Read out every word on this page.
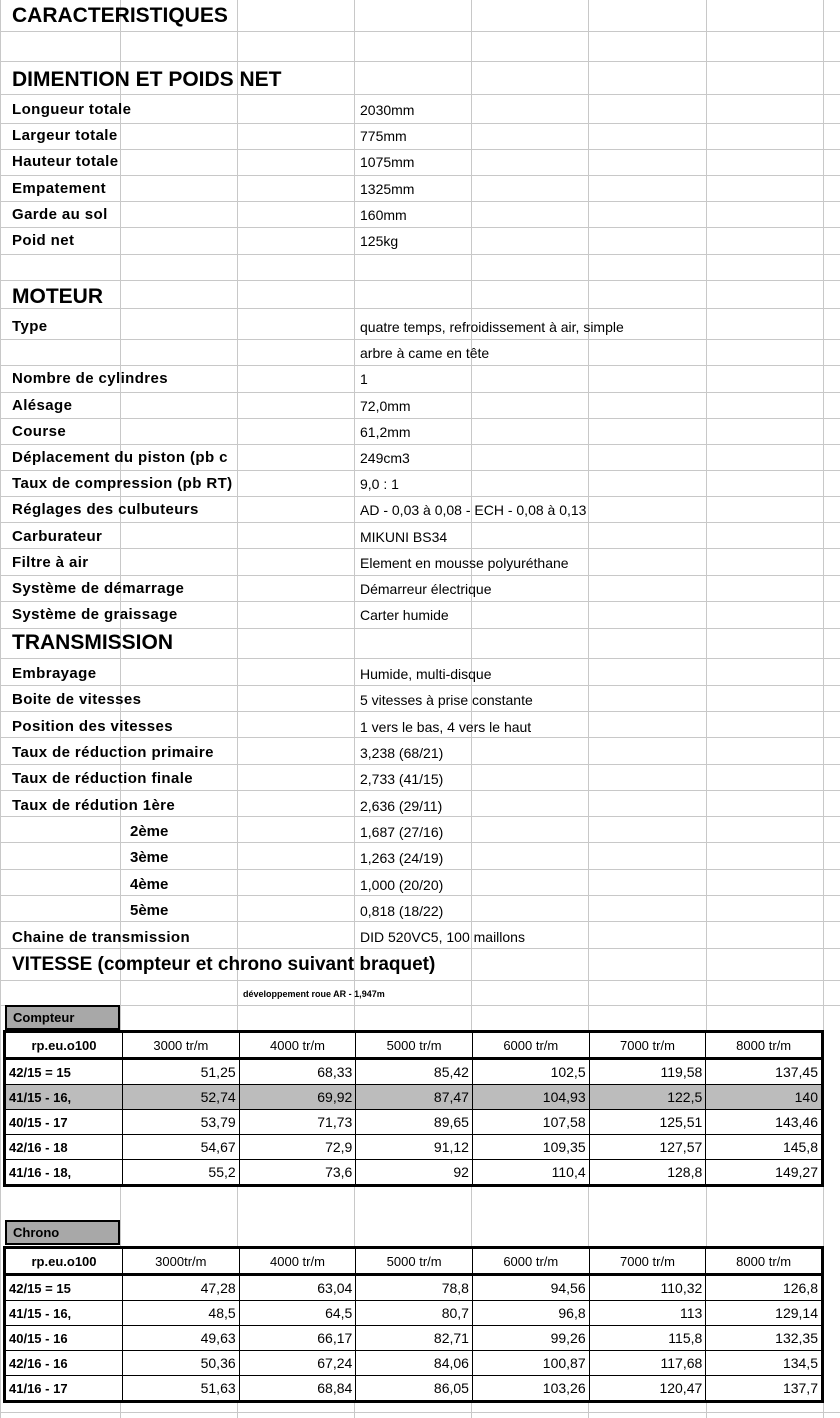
CARACTERISTIQUES
DIMENTION ET POIDS NET
Longueur totale	2030mm
Largeur totale	775mm
Hauteur totale	1075mm
Empatement	1325mm
Garde au sol	160mm
Poid net	125kg
MOTEUR
Type	quatre temps, refroidissement à air, simple
arbre à came en tête
Nombre de cylindres	1
Alésage	72,0mm
Course	61,2mm
Déplacement du piston (pb c	249cm3
Taux de compression (pb RT)	9,0 : 1
Réglages des culbuteurs	AD - 0,03 à 0,08 - ECH - 0,08 à 0,13
Carburateur	MIKUNI BS34
Filtre à air	Element en mousse polyuréthane
Système de démarrage	Démarreur électrique
Système de graissage	Carter humide
TRANSMISSION
Embrayage	Humide, multi-disque
Boite de vitesses	5 vitesses à prise constante
Position des vitesses	1 vers le bas, 4 vers le haut
Taux de réduction primaire	3,238 (68/21)
Taux de réduction finale	2,733 (41/15)
Taux de rédution 1ère	2,636 (29/11)
2ème	1,687 (27/16)
3ème	1,263 (24/19)
4ème	1,000 (20/20)
5ème	0,818 (18/22)
Chaine de transmission	DID 520VC5, 100 maillons
VITESSE (compteur et chrono suivant braquet)
développement roue AR - 1,947m
Compteur
rp.eu.o100	3000 tr/m	4000 tr/m	5000 tr/m	6000 tr/m	7000 tr/m	8000 tr/m
42/15 = 15	51,25	68,33	85,42	102,5	119,58	137,45
41/15 - 16,	52,74	69,92	87,47	104,93	122,5	140
40/15 - 17	53,79	71,73	89,65	107,58	125,51	143,46
42/16 - 18	54,67	72,9	91,12	109,35	127,57	145,8
41/16 - 18,	55,2	73,6	92	110,4	128,8	149,27
Chrono
rp.eu.o100	3000tr/m	4000 tr/m	5000 tr/m	6000 tr/m	7000 tr/m	8000 tr/m
42/15 = 15	47,28	63,04	78,8	94,56	110,32	126,8
41/15 - 16,	48,5	64,5	80,7	96,8	113	129,14
40/15 - 16	49,63	66,17	82,71	99,26	115,8	132,35
42/16 - 16	50,36	67,24	84,06	100,87	117,68	134,5
41/16 - 17	51,63	68,84	86,05	103,26	120,47	137,7
